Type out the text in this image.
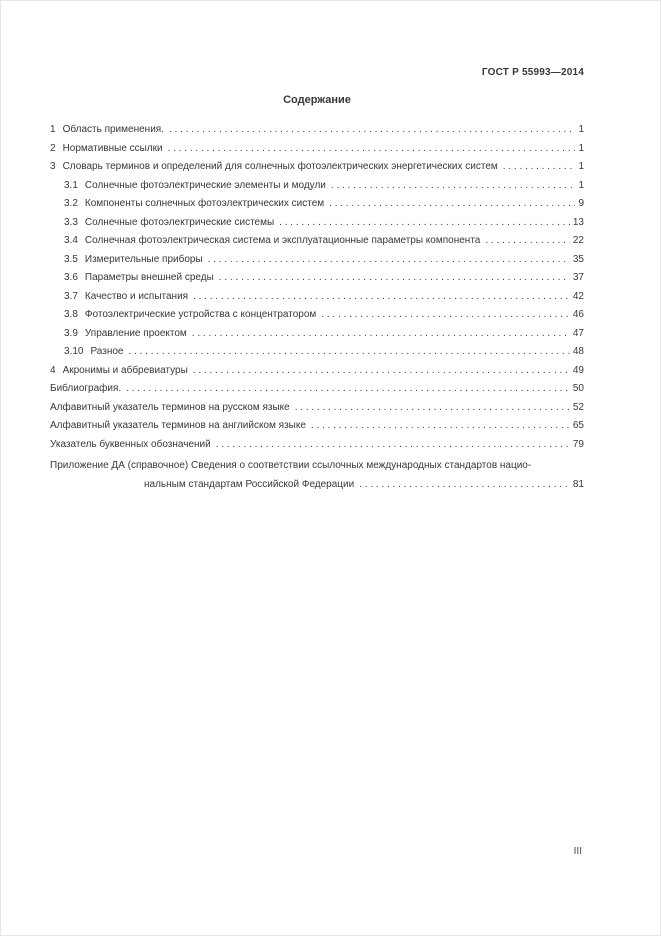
ГОСТ Р 55993—2014
Содержание
1 Область применения. . . .	1
2 Нормативные ссылки . . .	1
3 Словарь терминов и определений для солнечных фотоэлектрических энергетических систем . . .	1
3.1 Солнечные фотоэлектрические элементы и модули . . .	1
3.2 Компоненты солнечных фотоэлектрических систем . . .	9
3.3 Солнечные фотоэлектрические системы . . .	13
3.4 Солнечная фотоэлектрическая система и эксплуатационные параметры компонента . . .	22
3.5 Измерительные приборы . . .	35
3.6 Параметры внешней среды . . .	37
3.7 Качество и испытания . . .	42
3.8 Фотоэлектрические устройства с концентратором . . .	46
3.9 Управление проектом . . .	47
3.10 Разное . . .	48
4 Акронимы и аббревиатуры . . .	49
Библиография. . . .	50
Алфавитный указатель терминов на русском языке . . .	52
Алфавитный указатель терминов на английском языке . . .	65
Указатель буквенных обозначений . . .	79
Приложение ДА (справочное) Сведения о соответствии ссылочных международных стандартов нацио-
нальным стандартам Российской Федерации . . .	81
III
